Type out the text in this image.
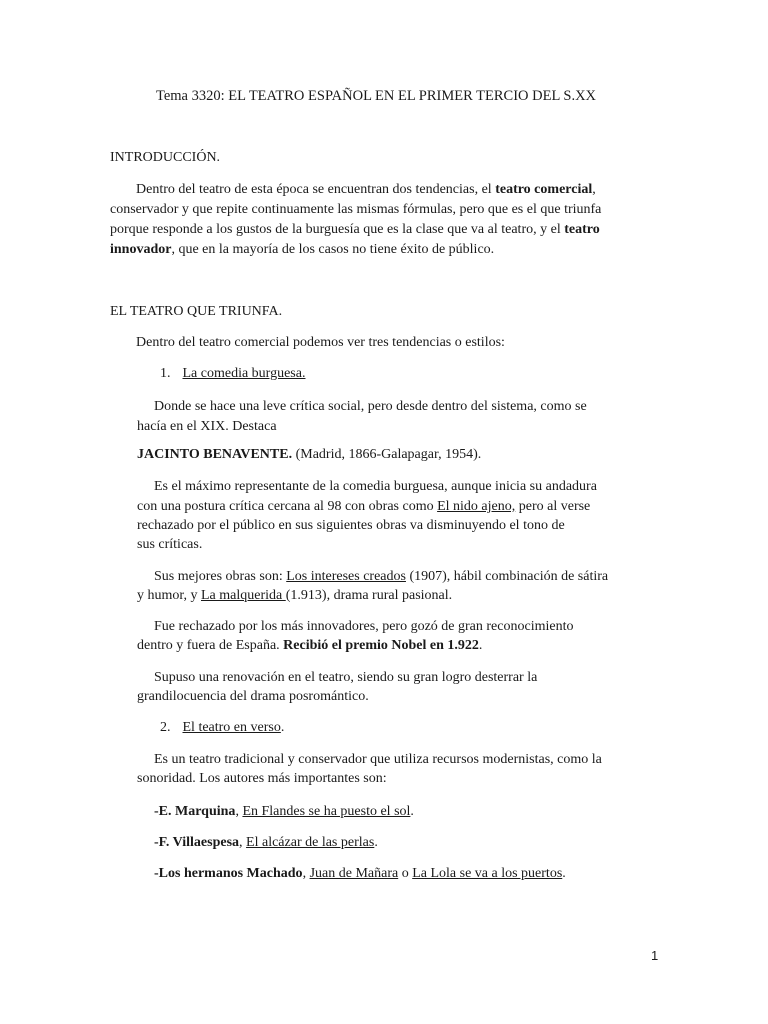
Tema 3320: EL TEATRO ESPAÑOL EN EL PRIMER TERCIO DEL S.XX
INTRODUCCIÓN.
Dentro del teatro de esta época se encuentran dos tendencias, el teatro comercial,
conservador y que repite continuamente las mismas fórmulas, pero que es el que triunfa
porque responde a los gustos de la burguesía que es la clase que va al teatro, y el teatro
innovador, que en la mayoría de los casos no tiene éxito de público.
EL TEATRO QUE TRIUNFA.
Dentro del teatro comercial podemos ver tres tendencias o estilos:
1. La comedia burguesa.
Donde se hace una leve crítica social, pero desde dentro del sistema, como se
hacía en el XIX. Destaca
JACINTO BENAVENTE. (Madrid, 1866-Galapagar, 1954).
Es el máximo representante de la comedia burguesa, aunque inicia su andadura
con una postura crítica cercana al 98 con obras como El nido ajeno, pero al verse
rechazado por el público en sus siguientes obras va disminuyendo el tono de
sus críticas.
Sus mejores obras son: Los intereses creados (1907), hábil combinación de sátira
y humor, y La malquerida (1.913), drama rural pasional.
Fue rechazado por los más innovadores, pero gozó de gran reconocimiento
dentro y fuera de España. Recibió el premio Nobel en 1.922.
Supuso una renovación en el teatro, siendo su gran logro desterrar la
grandilocuencia del drama posromántico.
2. El teatro en verso.
Es un teatro tradicional y conservador que utiliza recursos modernistas, como la
sonoridad. Los autores más importantes son:
-E. Marquina, En Flandes se ha puesto el sol.
-F. Villaespesa, El alcázar de las perlas.
-Los hermanos Machado, Juan de Mañara o La Lola se va a los puertos.
1
